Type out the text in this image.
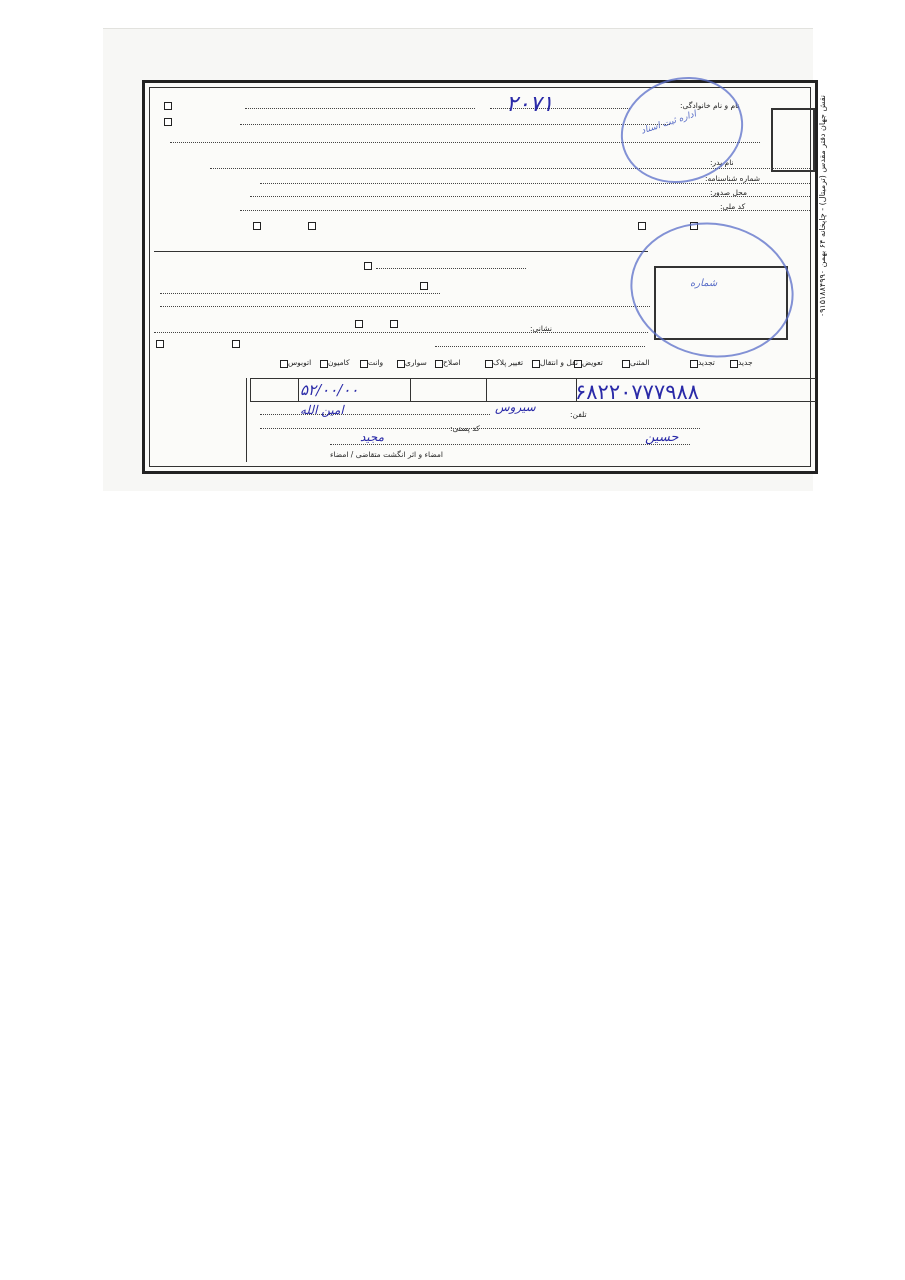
۰۹۱۵۱۸۸۴۹۹۰ نقش جهان دفتر مقدس (ترمیتال) - چاپخانه ۶۴ بهمن
نام و نام خانوادگی:
نام پدر:
شماره شناسنامه:
محل صدور:
کد ملی:
نشانی:
تلفن:
کد پستی:
امضاء و اثر انگشت متقاضی / امضاء
جدید
تجدید
المثنی
تعویض
نقل و انتقال
تغییر پلاک
اصلاح
سواری
وانت
کامیون
اتوبوس
۲۰۷۱
۶۸۲۲۰۷۷۷۹۸۸
۵۲/۰۰/۰۰
امین الله	سیروس
حسین
مجید
اداره ثبت اسناد
شماره
